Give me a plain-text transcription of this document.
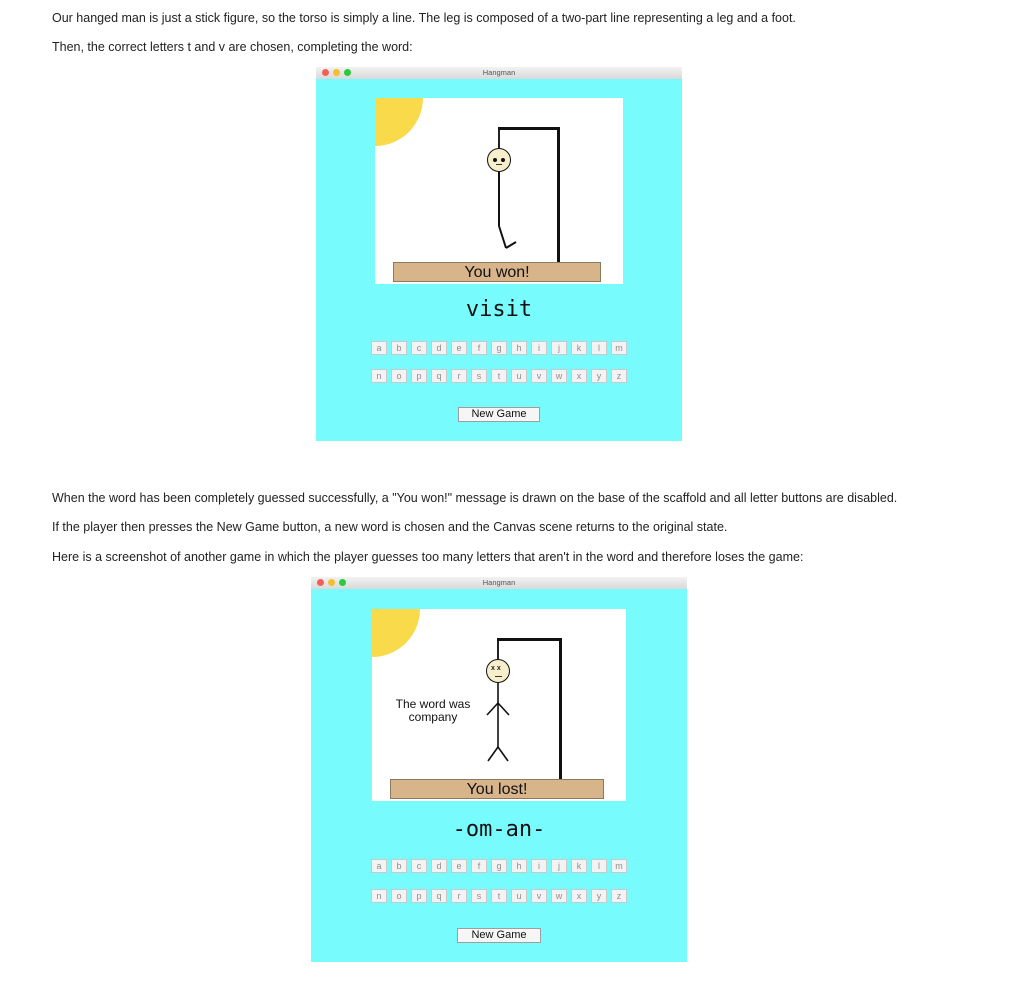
Our hanged man is just a stick figure, so the torso is simply a line. The leg is composed of a two-part line representing a leg and a foot.

Then, the correct letters t and v are chosen, completing the word:

Hangman
You won!
visit
a b c d e f g h i j k l m
n o p q r s t u v w x y z
New Game

When the word has been completely guessed successfully, a "You won!" message is drawn on the base of the scaffold and all letter buttons are disabled.

If the player then presses the New Game button, a new word is chosen and the Canvas scene returns to the original state.

Here is a screenshot of another game in which the player guesses too many letters that aren't in the word and therefore loses the game:

Hangman
x x
The word was
company
You lost!
-om-an-
a b c d e f g h i j k l m
n o p q r s t u v w x y z
New Game
